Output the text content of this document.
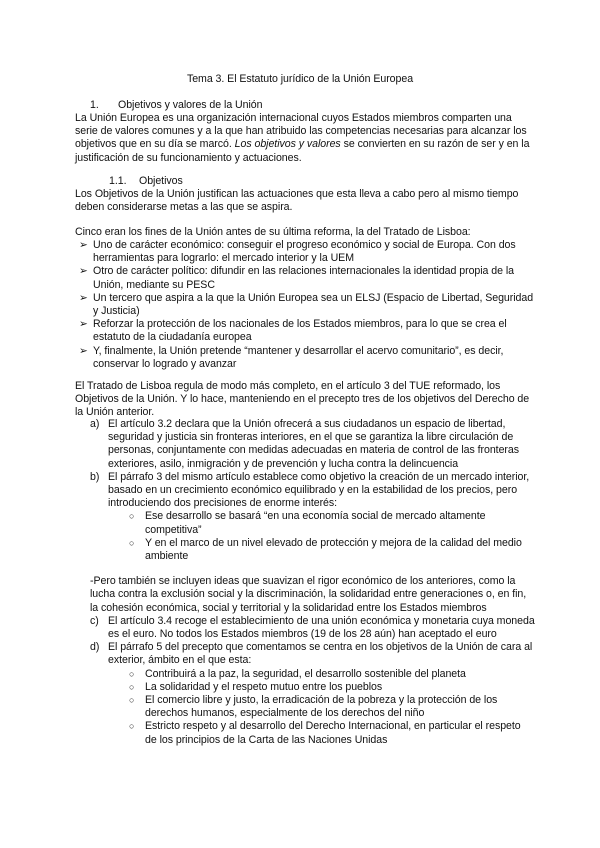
Tema 3. El Estatuto jurídico de la Unión Europea
1. Objetivos y valores de la Unión
La Unión Europea es una organización internacional cuyos Estados miembros comparten una serie de valores comunes y a la que han atribuido las competencias necesarias para alcanzar los objetivos que en su día se marcó. Los objetivos y valores se convierten en su razón de ser y en la justificación de su funcionamiento y actuaciones.
1.1. Objetivos
Los Objetivos de la Unión justifican las actuaciones que esta lleva a cabo pero al mismo tiempo deben considerarse metas a las que se aspira.
Cinco eran los fines de la Unión antes de su última reforma, la del Tratado de Lisboa:
➢ Uno de carácter económico: conseguir el progreso económico y social de Europa. Con dos herramientas para lograrlo: el mercado interior y la UEM
➢ Otro de carácter político: difundir en las relaciones internacionales la identidad propia de la Unión, mediante su PESC
➢ Un tercero que aspira a la que la Unión Europea sea un ELSJ (Espacio de Libertad, Seguridad y Justicia)
➢ Reforzar la protección de los nacionales de los Estados miembros, para lo que se crea el estatuto de la ciudadanía europea
➢ Y, finalmente, la Unión pretende “mantener y desarrollar el acervo comunitario”, es decir, conservar lo logrado y avanzar
El Tratado de Lisboa regula de modo más completo, en el artículo 3 del TUE reformado, los Objetivos de la Unión. Y lo hace, manteniendo en el precepto tres de los objetivos del Derecho de la Unión anterior.
a) El artículo 3.2 declara que la Unión ofrecerá a sus ciudadanos un espacio de libertad, seguridad y justicia sin fronteras interiores, en el que se garantiza la libre circulación de personas, conjuntamente con medidas adecuadas en materia de control de las fronteras exteriores, asilo, inmigración y de prevención y lucha contra la delincuencia
b) El párrafo 3 del mismo artículo establece como objetivo la creación de un mercado interior, basado en un crecimiento económico equilibrado y en la estabilidad de los precios, pero introduciendo dos precisiones de enorme interés:
○ Ese desarrollo se basará “en una economía social de mercado altamente competitiva”
○ Y en el marco de un nivel elevado de protección y mejora de la calidad del medio ambiente
-Pero también se incluyen ideas que suavizan el rigor económico de los anteriores, como la lucha contra la exclusión social y la discriminación, la solidaridad entre generaciones o, en fin, la cohesión económica, social y territorial y la solidaridad entre los Estados miembros
c) El artículo 3.4 recoge el establecimiento de una unión económica y monetaria cuya moneda es el euro. No todos los Estados miembros (19 de los 28 aún) han aceptado el euro
d) El párrafo 5 del precepto que comentamos se centra en los objetivos de la Unión de cara al exterior, ámbito en el que esta:
○ Contribuirá a la paz, la seguridad, el desarrollo sostenible del planeta
○ La solidaridad y el respeto mutuo entre los pueblos
○ El comercio libre y justo, la erradicación de la pobreza y la protección de los derechos humanos, especialmente de los derechos del niño
○ Estricto respeto y al desarrollo del Derecho Internacional, en particular el respeto de los principios de la Carta de las Naciones Unidas
